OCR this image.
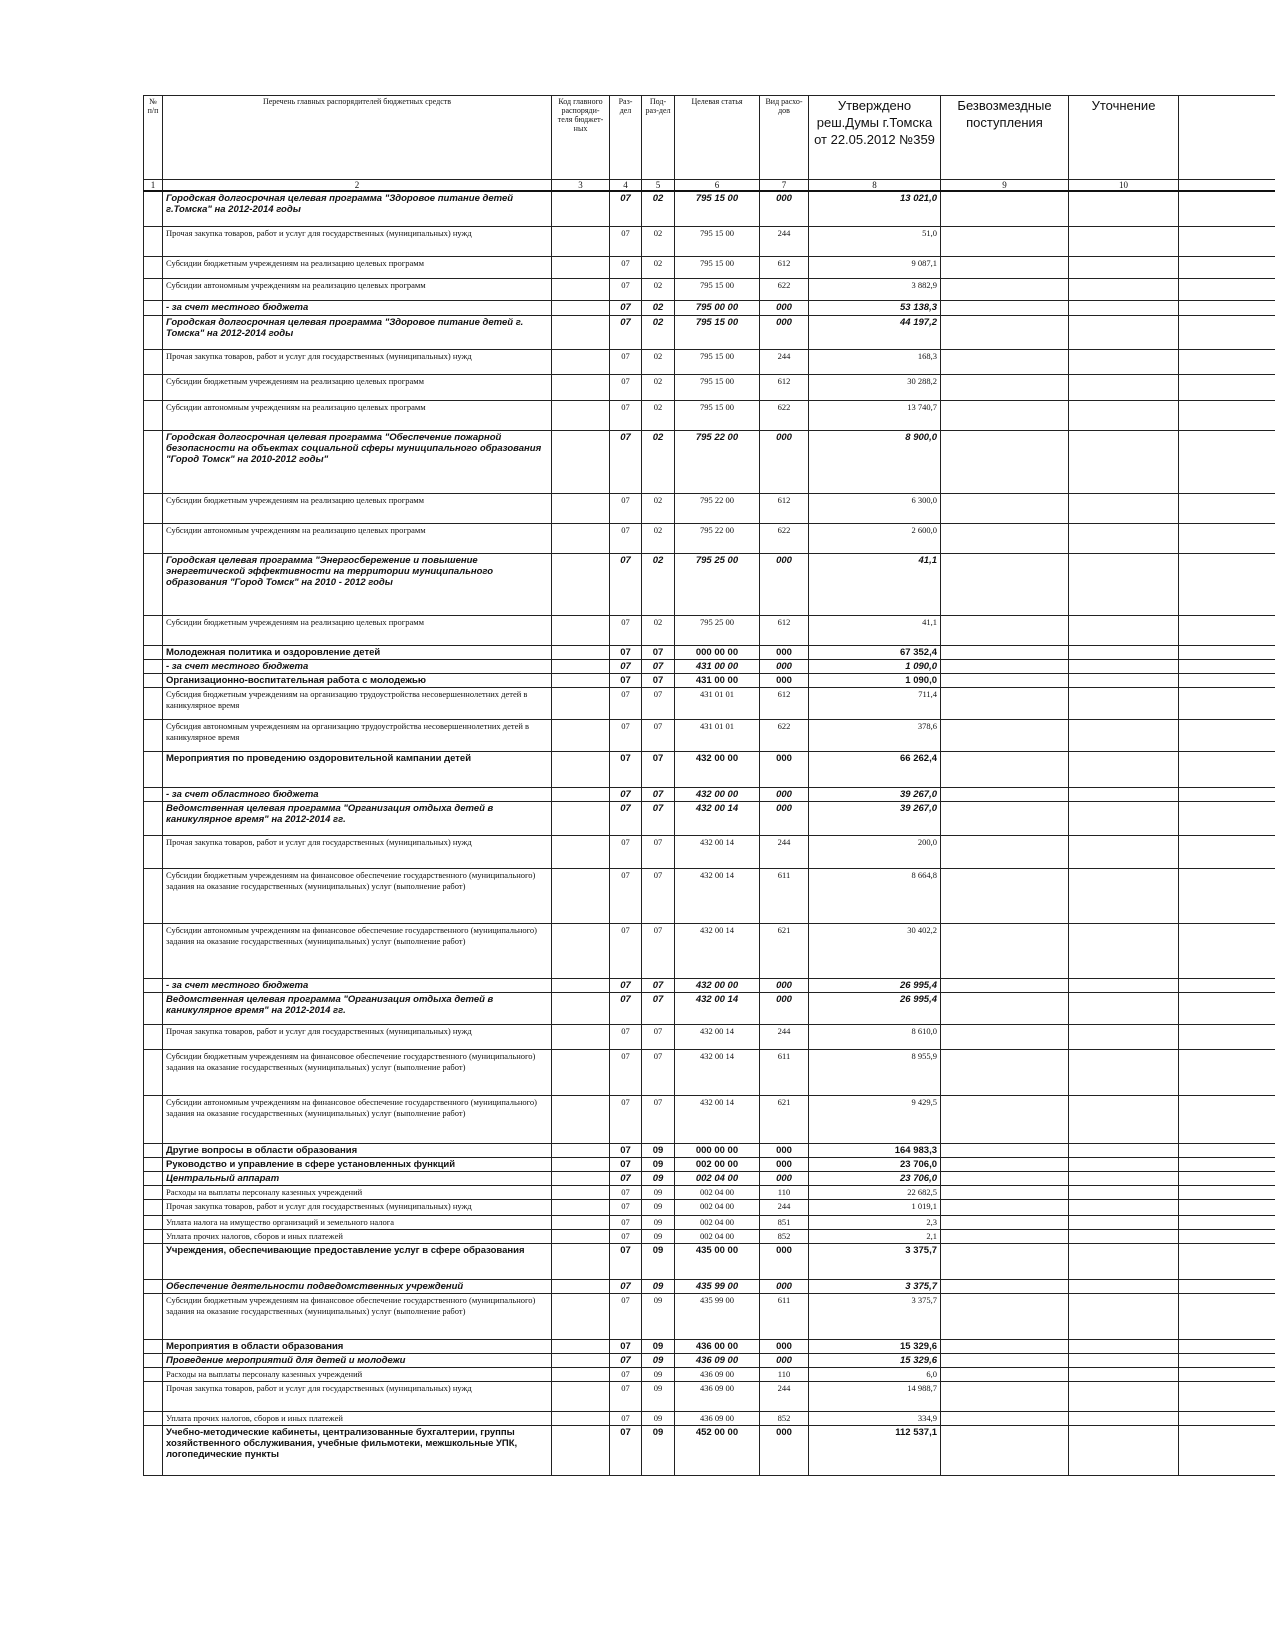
№ п/п	Перечень главных распорядителей бюджетных средств	Код главного распоряди-теля бюджет-ных	Раз-дел	Под-раз-дел	Целевая статья	Вид расхо-дов	Утверждено реш.Думы г.Томска от 22.05.2012 №359	Безвозмездные поступления	Уточнение	
1	2	3	4	5	6	7	8	9	10	
	Городская долгосрочная целевая программа "Здоровое питание детей г.Томска" на 2012-2014 годы		07	02	795 15 00	000	13 021,0			
	Прочая закупка товаров, работ и услуг для государственных (муниципальных) нужд		07	02	795 15 00	244	51,0			
	Субсидии бюджетным учреждениям на реализацию целевых программ		07	02	795 15 00	612	9 087,1			
	Субсидии автономным учреждениям на реализацию целевых программ		07	02	795 15 00	622	3 882,9			
	- за счет местного бюджета		07	02	795 00 00	000	53 138,3			
	Городская долгосрочная целевая программа "Здоровое питание детей г. Томска" на 2012-2014 годы		07	02	795 15 00	000	44 197,2			
	Прочая закупка товаров, работ и услуг для государственных (муниципальных) нужд		07	02	795 15 00	244	168,3			
	Субсидии бюджетным учреждениям на реализацию целевых программ		07	02	795 15 00	612	30 288,2			
	Субсидии автономным учреждениям на реализацию целевых программ		07	02	795 15 00	622	13 740,7			
	Городская долгосрочная целевая программа "Обеспечение пожарной безопасности на объектах социальной сферы муниципального образования "Город Томск" на 2010-2012 годы"		07	02	795 22 00	000	8 900,0			
	Субсидии бюджетным учреждениям на реализацию целевых программ		07	02	795 22 00	612	6 300,0			
	Субсидии автономным учреждениям на реализацию целевых программ		07	02	795 22 00	622	2 600,0			
	Городская целевая программа "Энергосбережение и повышение энергетической эффективности на территории муниципального образования "Город Томск" на 2010 - 2012 годы		07	02	795 25 00	000	41,1			
	Субсидии бюджетным учреждениям на реализацию целевых программ		07	02	795 25 00	612	41,1			
	Молодежная политика и оздоровление детей		07	07	000 00 00	000	67 352,4			
	- за счет местного бюджета		07	07	431 00 00	000	1 090,0			
	Организационно-воспитательная работа с молодежью		07	07	431 00 00	000	1 090,0			
	Субсидия бюджетным учреждениям на организацию трудоустройства несовершеннолетних детей в каникулярное время		07	07	431 01 01	612	711,4			
	Субсидия автономным учреждениям на организацию трудоустройства несовершеннолетних детей в каникулярное время		07	07	431 01 01	622	378,6			
	Мероприятия по проведению оздоровительной кампании детей		07	07	432 00 00	000	66 262,4			
	- за счет областного бюджета		07	07	432 00 00	000	39 267,0			
	Ведомственная целевая программа "Организация отдыха детей в каникулярное время" на 2012-2014 гг.		07	07	432 00 14	000	39 267,0			
	Прочая закупка товаров, работ и услуг для государственных (муниципальных) нужд		07	07	432 00 14	244	200,0			
	Субсидии бюджетным учреждениям на финансовое обеспечение государственного (муниципального) задания на оказание государственных (муниципальных) услуг (выполнение работ)		07	07	432 00 14	611	8 664,8			
	Субсидии автономным учреждениям на финансовое обеспечение государственного (муниципального) задания на оказание государственных (муниципальных) услуг (выполнение работ)		07	07	432 00 14	621	30 402,2			
	- за счет местного бюджета		07	07	432 00 00	000	26 995,4			
	Ведомственная целевая программа "Организация отдыха детей в каникулярное время" на 2012-2014 гг.		07	07	432 00 14	000	26 995,4			
	Прочая закупка товаров, работ и услуг для государственных (муниципальных) нужд		07	07	432 00 14	244	8 610,0			
	Субсидии бюджетным учреждениям на финансовое обеспечение государственного (муниципального) задания на оказание государственных (муниципальных) услуг (выполнение работ)		07	07	432 00 14	611	8 955,9			
	Субсидии автономным учреждениям на финансовое обеспечение государственного (муниципального) задания на оказание государственных (муниципальных) услуг (выполнение работ)		07	07	432 00 14	621	9 429,5			
	Другие вопросы в области образования		07	09	000 00 00	000	164 983,3			
	Руководство и управление в сфере установленных функций		07	09	002 00 00	000	23 706,0			
	Центральный аппарат		07	09	002 04 00	000	23 706,0			
	Расходы на выплаты персоналу казенных учреждений		07	09	002 04 00	110	22 682,5			
	Прочая закупка товаров, работ и услуг для государственных (муниципальных) нужд		07	09	002 04 00	244	1 019,1			
	Уплата налога на имущество организаций и земельного налога		07	09	002 04 00	851	2,3			
	Уплата прочих налогов, сборов и иных платежей		07	09	002 04 00	852	2,1			
	Учреждения, обеспечивающие предоставление услуг в сфере образования		07	09	435 00 00	000	3 375,7			
	Обеспечение деятельности подведомственных учреждений		07	09	435 99 00	000	3 375,7			
	Субсидии бюджетным учреждениям на финансовое обеспечение государственного (муниципального) задания на оказание государственных (муниципальных) услуг (выполнение работ)		07	09	435 99 00	611	3 375,7			
	Мероприятия в области образования		07	09	436 00 00	000	15 329,6			
	Проведение мероприятий для детей и молодежи		07	09	436 09 00	000	15 329,6			
	Расходы на выплаты персоналу казенных учреждений		07	09	436 09 00	110	6,0			
	Прочая закупка товаров, работ и услуг для государственных (муниципальных) нужд		07	09	436 09 00	244	14 988,7			
	Уплата прочих налогов, сборов и иных платежей		07	09	436 09 00	852	334,9			
	Учебно-методические кабинеты, централизованные бухгалтерии, группы хозяйственного обслуживания, учебные фильмотеки, межшкольные УПК, логопедические пункты		07	09	452 00 00	000	112 537,1			
